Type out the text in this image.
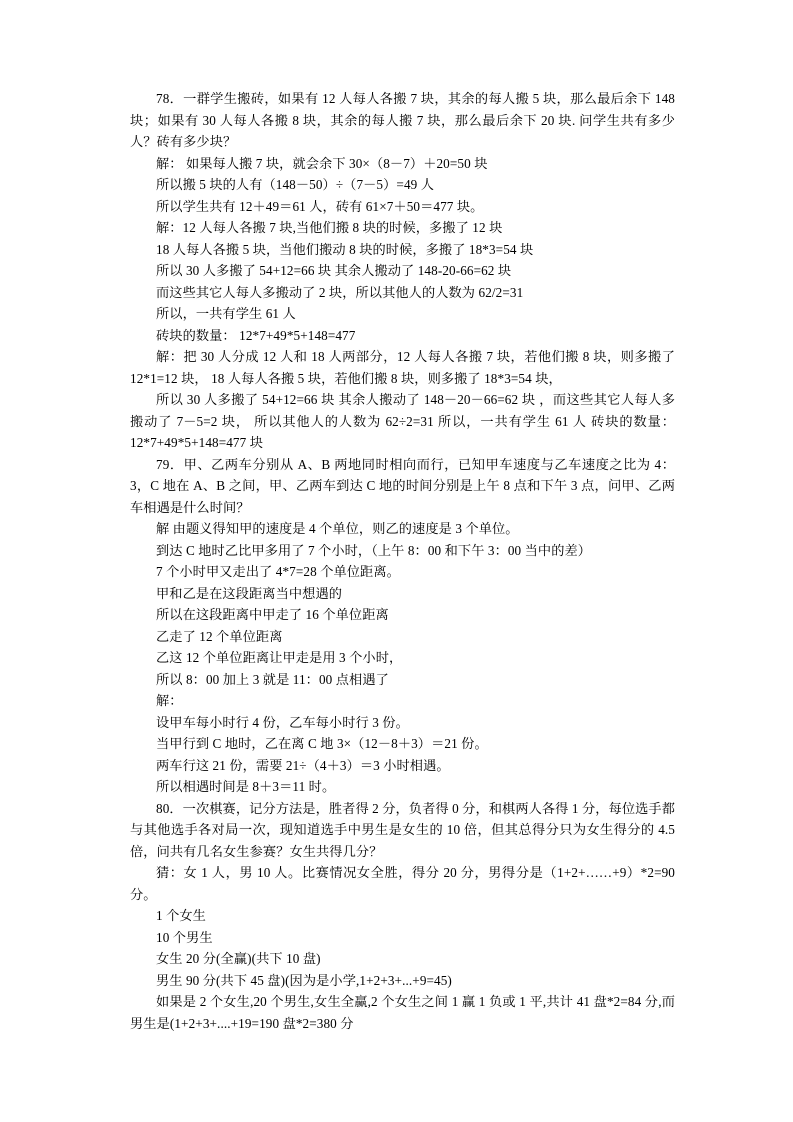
78．一群学生搬砖，如果有 12 人每人各搬 7 块，其余的每人搬 5 块，那么最后余下 148 块；如果有 30 人每人各搬 8 块，其余的每人搬 7 块，那么最后余下 20 块. 问学生共有多少人？砖有多少块？

解： 如果每人搬 7 块，就会余下 30×（8－7）＋20=50 块

所以搬 5 块的人有（148－50）÷（7－5）=49 人

所以学生共有 12＋49＝61 人，砖有 61×7＋50＝477 块。

解：12 人每人各搬 7 块,当他们搬 8 块的时候，多搬了 12 块

18 人每人各搬 5 块，当他们搬动 8 块的时候，多搬了 18*3=54 块

所以 30 人多搬了 54+12=66 块 其余人搬动了 148-20-66=62 块

而这些其它人每人多搬动了 2 块，所以其他人的人数为 62/2=31

所以，一共有学生 61 人

砖块的数量： 12*7+49*5+148=477

解：把 30 人分成 12 人和 18 人两部分，12 人每人各搬 7 块，若他们搬 8 块，则多搬了 12*1=12 块， 18 人每人各搬 5 块，若他们搬 8 块，则多搬了 18*3=54 块，

所以 30 人多搬了 54+12=66 块 其余人搬动了 148－20－66=62 块 ，而这些其它人每人多搬动了 7－5=2 块， 所以其他人的人数为 62÷2=31 所以，一共有学生 61 人 砖块的数量：12*7+49*5+148=477 块

79．甲、乙两车分别从 A、B 两地同时相向而行，已知甲车速度与乙车速度之比为 4：3，C 地在 A、B 之间，甲、乙两车到达 C 地的时间分别是上午 8 点和下午 3 点，问甲、乙两车相遇是什么时间？

解 由题义得知甲的速度是 4 个单位，则乙的速度是 3 个单位。

到达 C 地时乙比甲多用了 7 个小时，（上午 8：00 和下午 3：00 当中的差）

7 个小时甲又走出了 4*7=28 个单位距离。

甲和乙是在这段距离当中想遇的

所以在这段距离中甲走了 16 个单位距离

乙走了 12 个单位距离

乙这 12 个单位距离让甲走是用 3 个小时，

所以 8：00 加上 3 就是 11：00 点相遇了

解：

设甲车每小时行 4 份，乙车每小时行 3 份。

当甲行到 C 地时，乙在离 C 地 3×（12－8＋3）＝21 份。

两车行这 21 份，需要 21÷（4＋3）＝3 小时相遇。

所以相遇时间是 8＋3＝11 时。

80．一次棋赛，记分方法是，胜者得 2 分，负者得 0 分，和棋两人各得 1 分，每位选手都与其他选手各对局一次，现知道选手中男生是女生的 10 倍，但其总得分只为女生得分的 4.5 倍，问共有几名女生参赛？女生共得几分？

猜：女 1 人，男 10 人。比赛情况女全胜，得分 20 分，男得分是（1+2+……+9）*2=90 分。

1 个女生

10 个男生

女生 20 分(全赢)(共下 10 盘)

男生 90 分(共下 45 盘)(因为是小学,1+2+3+...+9=45)

如果是 2 个女生,20 个男生,女生全赢,2 个女生之间 1 赢 1 负或 1 平,共计 41 盘*2=84 分,而男生是(1+2+3+....+19=190 盘*2=380 分
